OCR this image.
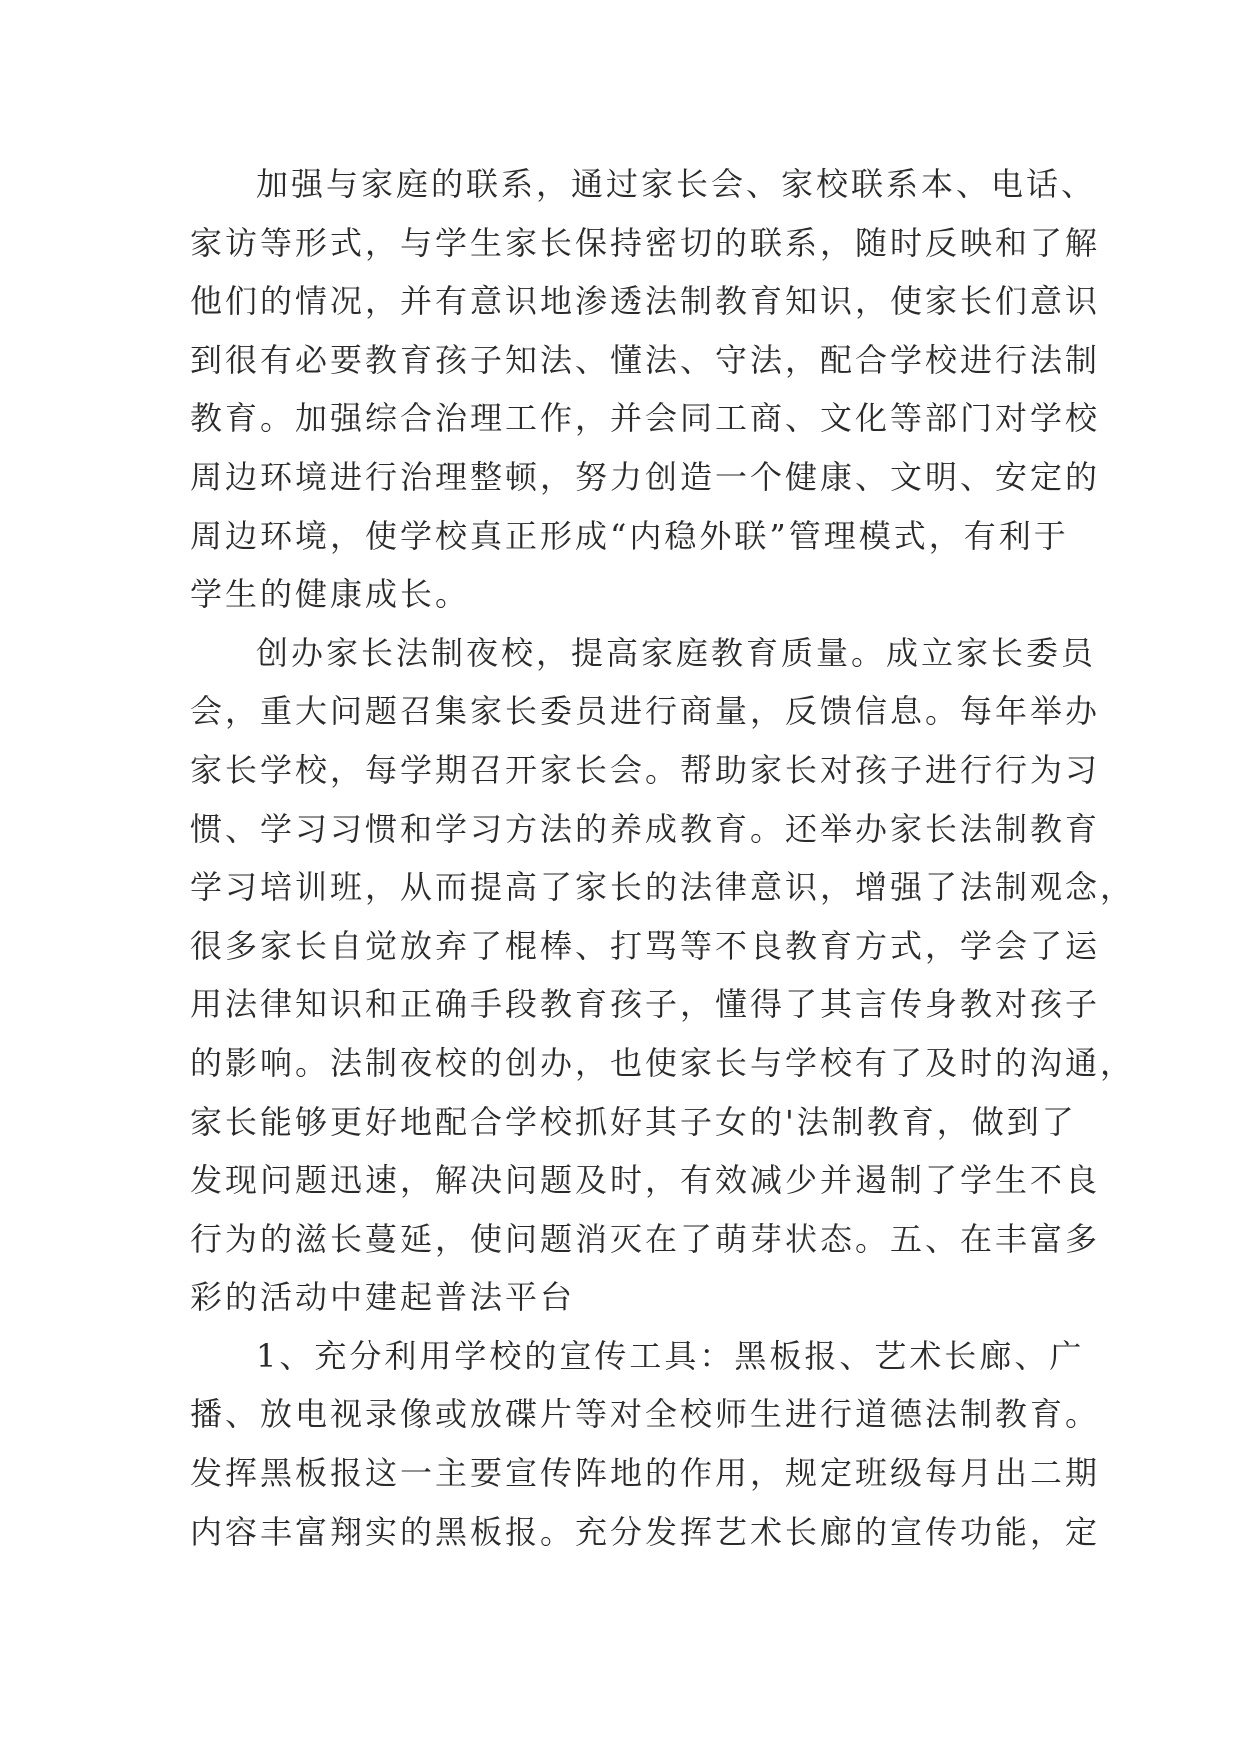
加强与家庭的联系，通过家长会、家校联系本、电话、
家访等形式，与学生家长保持密切的联系，随时反映和了解
他们的情况，并有意识地渗透法制教育知识，使家长们意识
到很有必要教育孩子知法、懂法、守法，配合学校进行法制
教育。加强综合治理工作，并会同工商、文化等部门对学校
周边环境进行治理整顿，努力创造一个健康、文明、安定的
周边环境，使学校真正形成“内稳外联”管理模式，有利于
学生的健康成长。
创办家长法制夜校，提高家庭教育质量。成立家长委员
会，重大问题召集家长委员进行商量，反馈信息。每年举办
家长学校，每学期召开家长会。帮助家长对孩子进行行为习
惯、学习习惯和学习方法的养成教育。还举办家长法制教育
学习培训班，从而提高了家长的法律意识，增强了法制观念，
很多家长自觉放弃了棍棒、打骂等不良教育方式，学会了运
用法律知识和正确手段教育孩子，懂得了其言传身教对孩子
的影响。法制夜校的创办，也使家长与学校有了及时的沟通，
家长能够更好地配合学校抓好其子女的'法制教育，做到了
发现问题迅速，解决问题及时，有效减少并遏制了学生不良
行为的滋长蔓延，使问题消灭在了萌芽状态。五、在丰富多
彩的活动中建起普法平台
1、充分利用学校的宣传工具：黑板报、艺术长廊、广
播、放电视录像或放碟片等对全校师生进行道德法制教育。
发挥黑板报这一主要宣传阵地的作用，规定班级每月出二期
内容丰富翔实的黑板报。充分发挥艺术长廊的宣传功能，定
